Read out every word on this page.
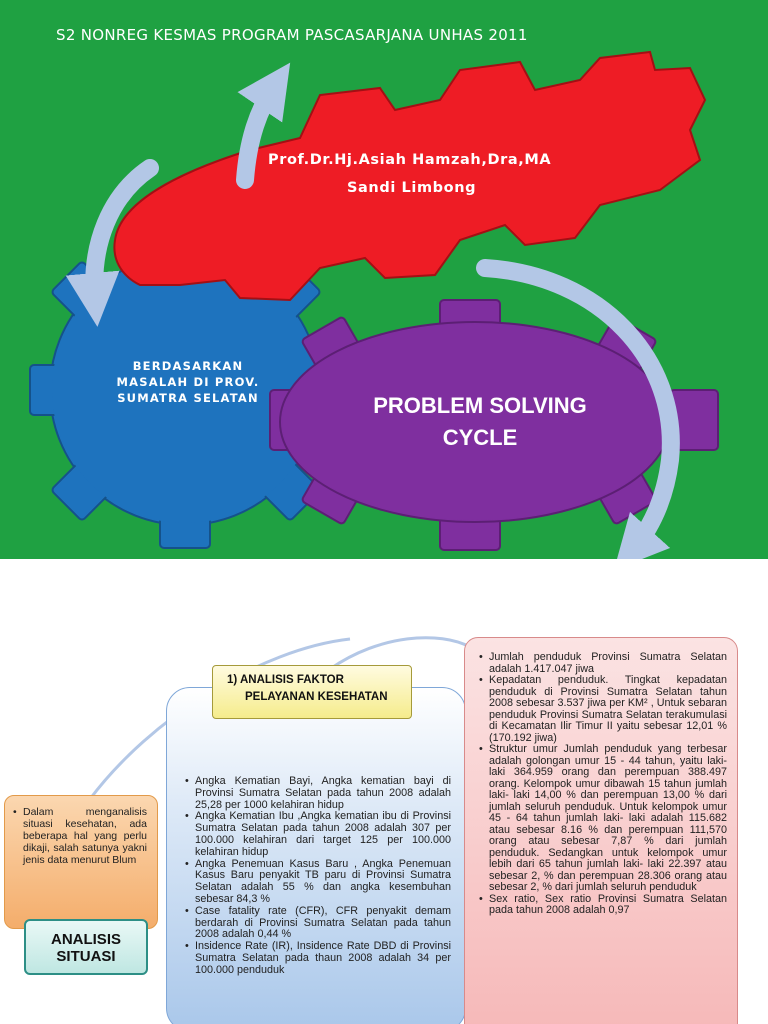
S2 NONREG KESMAS PROGRAM PASCASARJANA UNHAS 2011
Prof.Dr.Hj.Asiah Hamzah,Dra,MA
Sandi Limbong
BERDASARKAN MASALAH DI PROV. SUMATRA SELATAN	PROBLEM SOLVING
CYCLE
• Dalam menganalisis situasi kesehatan, ada beberapa hal yang perlu dikaji, salah satunya yakni jenis data menurut Blum
• Angka Kematian Bayi, Angka kematian bayi di Provinsi Sumatra Selatan pada tahun 2008 adalah 25,28 per 1000 kelahiran hidup
• Angka Kematian Ibu ,Angka kematian ibu di Provinsi Sumatra Selatan pada tahun 2008 adalah 307 per 100.000 kelahiran dari target 125 per 100.000 kelahiran hidup
• Angka Penemuan Kasus Baru , Angka Penemuan Kasus Baru penyakit TB paru di Provinsi Sumatra Selatan adalah 55 % dan angka kesembuhan sebesar 84,3 %
• Case fatality rate (CFR), CFR penyakit demam berdarah di Provinsi Sumatra Selatan pada tahun 2008 adalah 0,44 %
• Insidence Rate (IR), Insidence Rate DBD di Provinsi Sumatra Selatan pada thaun 2008 adalah 34 per 100.000 penduduk
• Jumlah penduduk Provinsi Sumatra Selatan adalah 1.417.047 jiwa
• Kepadatan penduduk. Tingkat kepadatan penduduk di Provinsi Sumatra Selatan tahun 2008 sebesar 3.537 jiwa per KM² , Untuk sebaran penduduk Provinsi Sumatra Selatan terakumulasi di Kecamatan Ilir Timur II yaitu sebesar 12,01 % (170.192 jiwa)
• Struktur umur Jumlah penduduk yang terbesar adalah golongan umur 15 - 44 tahun, yaitu laki- laki 364.959 orang dan perempuan 388.497 orang. Kelompok umur dibawah 15 tahun jumlah laki- laki 14,00 % dan perempuan 13,00 % dari jumlah seluruh penduduk. Untuk kelompok umur 45 - 64 tahun jumlah laki- laki adalah 115.682 atau sebesar 8.16 % dan perempuan 111,570 orang atau sebesar 7,87 % dari jumlah penduduk. Sedangkan untuk kelompok umur lebih dari 65 tahun jumlah laki- laki 22.397 atau sebesar 2, % dan perempuan 28.306 orang atau sebesar 2, % dari jumlah seluruh penduduk
• Sex ratio, Sex ratio Provinsi Sumatra Selatan pada tahun 2008 adalah 0,97
1) ANALISIS FAKTOR
PELAYANAN KESEHATAN
ANALISIS SITUASI
